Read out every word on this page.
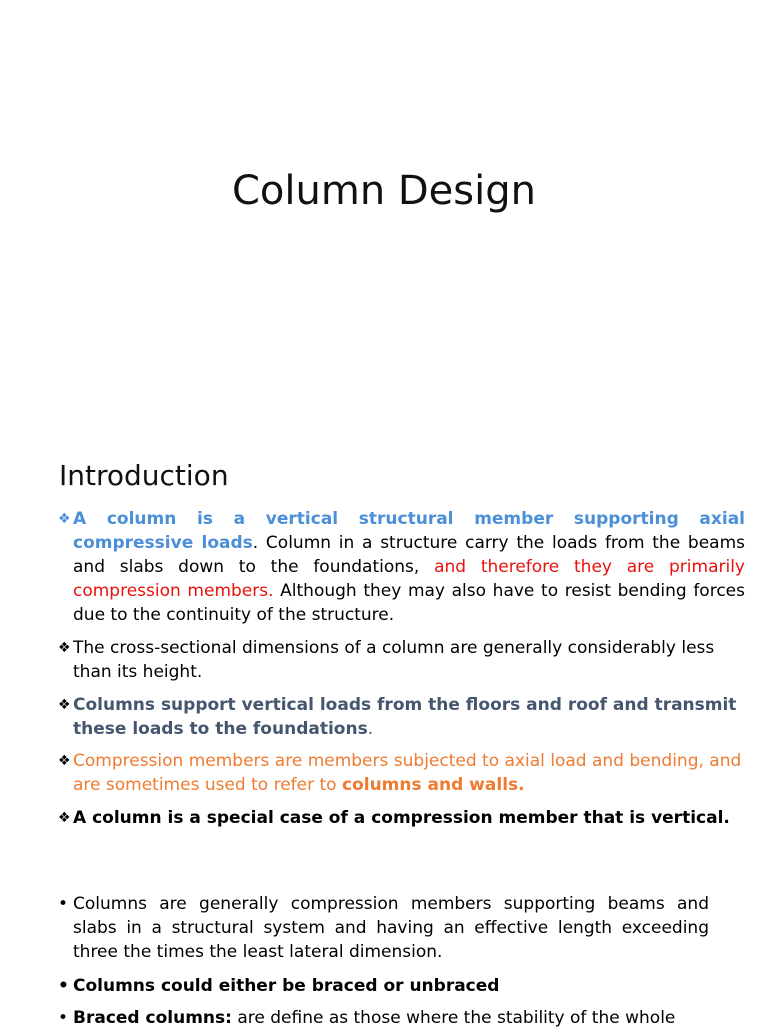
Column Design
Introduction
❖ A column is a vertical structural member supporting axial compressive loads. Column in a structure carry the loads from the beams and slabs down to the foundations, and therefore they are primarily compression members. Although they may also have to resist bending forces due to the continuity of the structure.
❖ The cross-sectional dimensions of a column are generally considerably less than its height.
❖ Columns support vertical loads from the floors and roof and transmit these loads to the foundations.
❖ Compression members are members subjected to axial load and bending, and are sometimes used to refer to columns and walls.
❖ A column is a special case of a compression member that is vertical.
• Columns are generally compression members supporting beams and slabs in a structural system and having an effective length exceeding three the times the least lateral dimension.
• Columns could either be braced or unbraced
• Braced columns: are define as those where the stability of the whole
